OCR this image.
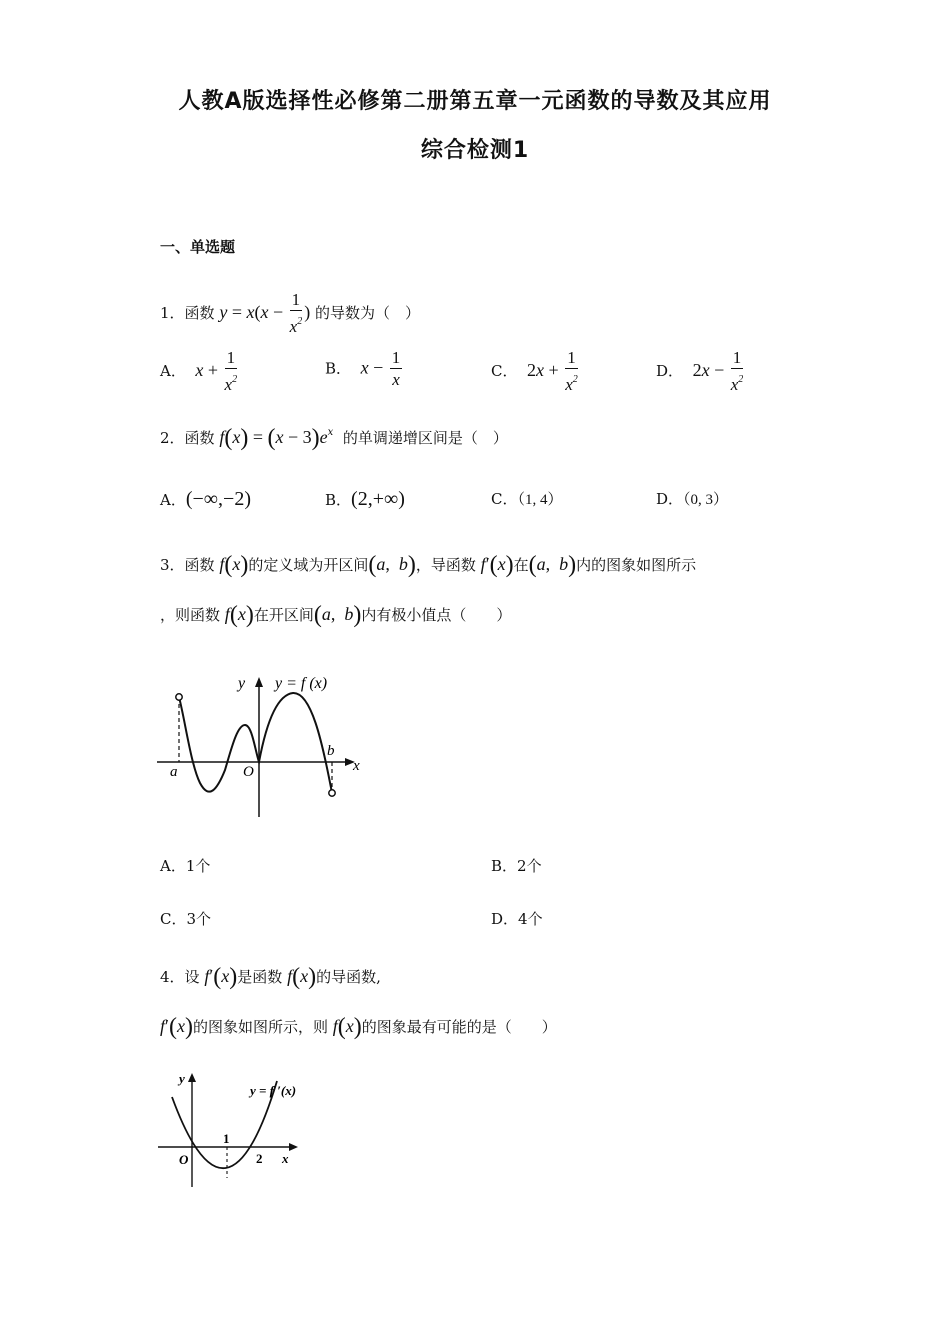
人教A版选择性必修第二册第五章一元函数的导数及其应用
综合检测1
一、单选题
1．函数 $y = x(x - \frac{1}{x^2}$ ) 的导数为（　）
A． $x + \frac{1}{x^2}$	B． $x - \frac{1}{x}$	C． $2x + \frac{1}{x^2}$	D． $2x - \frac{1}{x^2}$
2．函数 $f(x) = (x - 3)e^x$ 的单调递增区间是（　）
A．(−∞,−2)	B．(2,+∞)	C．（1, 4）	D．（0, 3）
3．函数 f(x)的定义域为开区间(a,  b)，导函数 f′(x)在(a,  b)内的图象如图所示
，则函数 f(x)在开区间(a,  b)内有极小值点（　　）
y y = f (x)
a	O
b
x
A．1个	B．2个
C．3个	D．4个
4．设 f′(x)是函数 f(x)的导函数,
f′(x)的图象如图所示，则 f(x)的图象最有可能的是（　　）
y
y = f ′(x)
1
O	2 x
